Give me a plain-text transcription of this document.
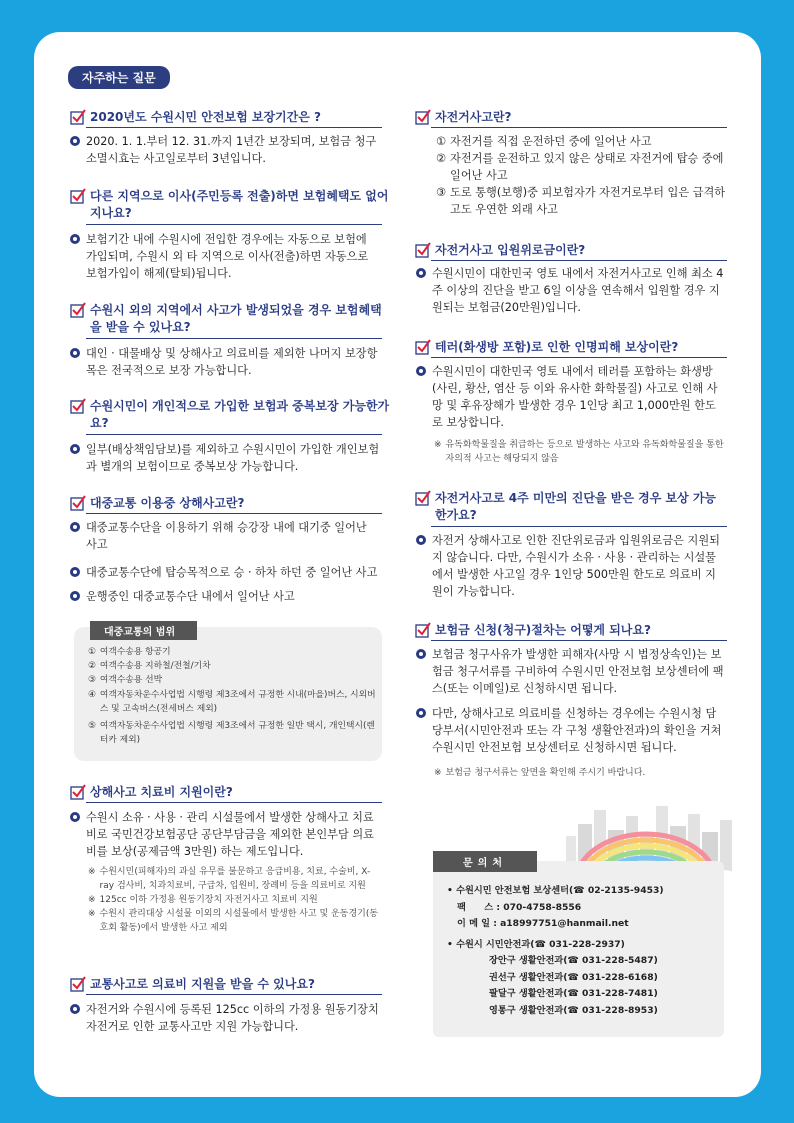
자주하는 질문
2020년도 수원시민 안전보험 보장기간은 ?
2020. 1. 1.부터 12. 31.까지 1년간 보장되며, 보험금 청구 소멸시효는 사고일로부터 3년입니다.
다른 지역으로 이사(주민등록 전출)하면 보험혜택도 없어지나요?
보험기간 내에 수원시에 전입한 경우에는 자동으로 보험에 가입되며, 수원시 외 타 지역으로 이사(전출)하면 자동으로 보험가입이 해제(탈퇴)됩니다.
수원시 외의 지역에서 사고가 발생되었을 경우 보험혜택을 받을 수 있나요?
대인 · 대물배상 및 상해사고 의료비를 제외한 나머지 보장항목은 전국적으로 보장 가능합니다.
수원시민이 개인적으로 가입한 보험과 중복보장 가능한가요?
일부(배상책임담보)를 제외하고 수원시민이 가입한 개인보험과 별개의 보험이므로 중복보상 가능합니다.
대중교통 이용중 상해사고란?
대중교통수단을 이용하기 위해 승강장 내에 대기중 일어난 사고
대중교통수단에 탑승목적으로 승 · 하차 하던 중 일어난 사고
운행중인 대중교통수단 내에서 일어난 사고
대중교통의 범위
① 여객수송용 항공기
② 여객수송용 지하철/전철/기차
③ 여객수송용 선박
④ 여객자동차운수사업법 시행령 제3조에서 규정한 시내(마을)버스, 시외버스 및 고속버스(전세버스 제외)
⑤ 여객자동차운수사업법 시행령 제3조에서 규정한 일반 택시, 개인택시(렌터카 제외)
상해사고 치료비 지원이란?
수원시 소유 · 사용 · 관리 시설물에서 발생한 상해사고 치료비로 국민건강보험공단 공단부담금을 제외한 본인부담 의료비를 보상(공제금액 3만원) 하는 제도입니다.
※ 수원시민(피해자)의 과실 유무를 불문하고 응급비용, 치료, 수술비, X-ray 검사비, 치과치료비, 구급차, 입원비, 장례비 등을 의료비로 지원
※ 125cc 이하 가정용 원동기장치 자전거사고 치료비 지원
※ 수원시 관리대상 시설물 이외의 시설물에서 발생한 사고 및 운동경기(동호회 활동)에서 발생한 사고 제외
교통사고로 의료비 지원을 받을 수 있나요?
자전거와 수원시에 등록된 125cc 이하의 가정용 원동기장치자전거로 인한 교통사고만 지원 가능합니다.
자전거사고란?
① 자전거를 직접 운전하던 중에 일어난 사고
② 자전거를 운전하고 있지 않은 상태로 자전거에 탑승 중에 일어난 사고
③ 도로 통행(보행)중 피보험자가 자전거로부터 입은 급격하고도 우연한 외래 사고
자전거사고 입원위로금이란?
수원시민이 대한민국 영토 내에서 자전거사고로 인해 최소 4주 이상의 진단을 받고 6일 이상을 연속해서 입원할 경우 지원되는 보험금(20만원)입니다.
테러(화생방 포함)로 인한 인명피해 보상이란?
수원시민이 대한민국 영토 내에서 테러를 포함하는 화생방(사린, 황산, 염산 등 이와 유사한 화학물질) 사고로 인해 사망 및 후유장해가 발생한 경우 1인당 최고 1,000만원 한도로 보상합니다.
※ 유독화학물질을 취급하는 등으로 발생하는 사고와 유독화학물질을 통한 자의적 사고는 해당되지 않음
자전거사고로 4주 미만의 진단을 받은 경우 보상 가능한가요?
자전거 상해사고로 인한 진단위로금과 입원위로금은 지원되지 않습니다. 다만, 수원시가 소유 · 사용 · 관리하는 시설물에서 발생한 사고일 경우 1인당 500만원 한도로 의료비 지원이 가능합니다.
보험금 신청(청구)절차는 어떻게 되나요?
보험금 청구사유가 발생한 피해자(사망 시 법정상속인)는 보험금 청구서류를 구비하여 수원시민 안전보험 보상센터에 팩스(또는 이메일)로 신청하시면 됩니다.
다만, 상해사고로 의료비를 신청하는 경우에는 수원시청 담당부서(시민안전과 또는 각 구청 생활안전과)의 확인을 거쳐 수원시민 안전보험 보상센터로 신청하시면 됩니다.
※ 보험금 청구서류는 앞면을 확인해 주시기 바랍니다.
문의처
• 수원시민 안전보험 보상센터(☎ 02-2135-9453)
팩　　스 : 070-4758-8556
이 메 일 : a18997751@hanmail.net
• 수원시 시민안전과(☎ 031-228-2937)
장안구 생활안전과(☎ 031-228-5487)
권선구 생활안전과(☎ 031-228-6168)
팔달구 생활안전과(☎ 031-228-7481)
영통구 생활안전과(☎ 031-228-8953)
